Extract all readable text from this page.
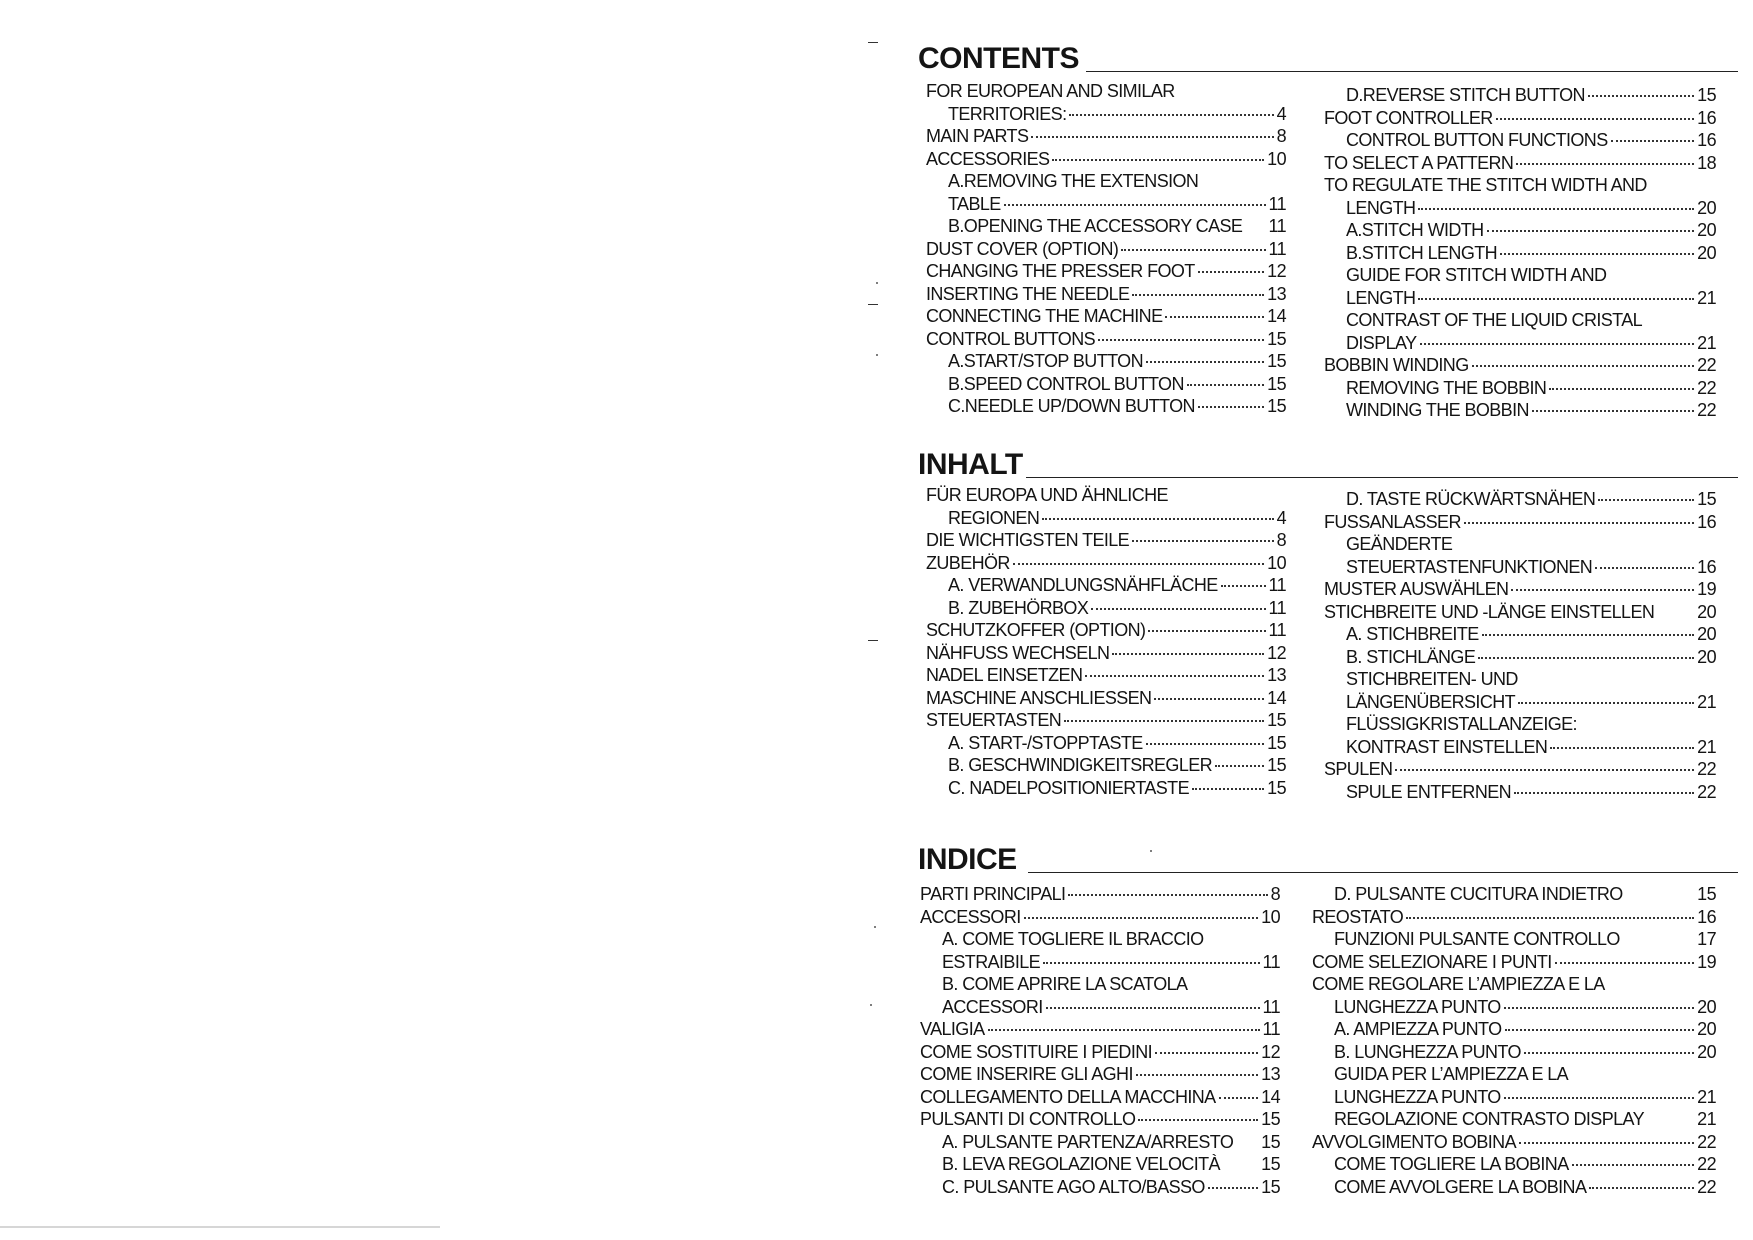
CONTENTS
FOR EUROPEAN AND SIMILAR
TERRITORIES:	4
MAIN PARTS	8
ACCESSORIES	10
A.REMOVING THE EXTENSION
TABLE	11
B.OPENING THE ACCESSORY CASE 11
DUST COVER (OPTION)	11
CHANGING THE PRESSER FOOT	12
INSERTING THE NEEDLE	13
CONNECTING THE MACHINE	14
CONTROL BUTTONS	15
A.START/STOP BUTTON	15
B.SPEED CONTROL BUTTON	15
C.NEEDLE UP/DOWN BUTTON	15
D.REVERSE STITCH BUTTON	15
FOOT CONTROLLER	16
CONTROL BUTTON FUNCTIONS	16
TO SELECT A PATTERN	18
TO REGULATE THE STITCH WIDTH AND
LENGTH	20
A.STITCH WIDTH	20
B.STITCH LENGTH	20
GUIDE FOR STITCH WIDTH AND
LENGTH	21
CONTRAST OF THE LIQUID CRISTAL
DISPLAY	21
BOBBIN WINDING	22
REMOVING THE BOBBIN	22
WINDING THE BOBBIN	22
INHALT
FÜR EUROPA UND ÄHNLICHE
REGIONEN	4
DIE WICHTIGSTEN TEILE	8
ZUBEHÖR	10
A. VERWANDLUNGSNÄHFLÄCHE	11
B. ZUBEHÖRBOX	11
SCHUTZKOFFER (OPTION)	11
NÄHFUSS WECHSELN	12
NADEL EINSETZEN	13
MASCHINE ANSCHLIESSEN	14
STEUERTASTEN	15
A. START-/STOPPTASTE	15
B. GESCHWINDIGKEITSREGLER	15
C. NADELPOSITIONIERTASTE	15
D. TASTE RÜCKWÄRTSNÄHEN	15
FUSSANLASSER	16
GEÄNDERTE
STEUERTASTENFUNKTIONEN	16
MUSTER AUSWÄHLEN	19
STICHBREITE UND -LÄNGE EINSTELLEN 20
A. STICHBREITE	20
B. STICHLÄNGE	20
STICHBREITEN- UND
LÄNGENÜBERSICHT	21
FLÜSSIGKRISTALLANZEIGE:
KONTRAST EINSTELLEN	21
SPULEN	22
SPULE ENTFERNEN	22
INDICE
PARTI PRINCIPALI	8
ACCESSORI	10
A. COME TOGLIERE IL BRACCIO
ESTRAIBILE	11
B. COME APRIRE LA SCATOLA
ACCESSORI	11
VALIGIA	11
COME SOSTITUIRE I PIEDINI	12
COME INSERIRE GLI AGHI	13
COLLEGAMENTO DELLA MACCHINA	14
PULSANTI DI CONTROLLO	15
A. PULSANTE PARTENZA/ARRESTO 15
B. LEVA REGOLAZIONE VELOCITÀ 15
C. PULSANTE AGO ALTO/BASSO	15
D. PULSANTE CUCITURA INDIETRO	15
REOSTATO	16
FUNZIONI PULSANTE CONTROLLO	17
COME SELEZIONARE I PUNTI	19
COME REGOLARE L’AMPIEZZA E LA
LUNGHEZZA PUNTO	20
A. AMPIEZZA PUNTO	20
B. LUNGHEZZA PUNTO	20
GUIDA PER L’AMPIEZZA E LA
LUNGHEZZA PUNTO	21
REGOLAZIONE CONTRASTO DISPLAY	21
AVVOLGIMENTO BOBINA	22
COME TOGLIERE LA BOBINA	22
COME AVVOLGERE LA BOBINA	22
